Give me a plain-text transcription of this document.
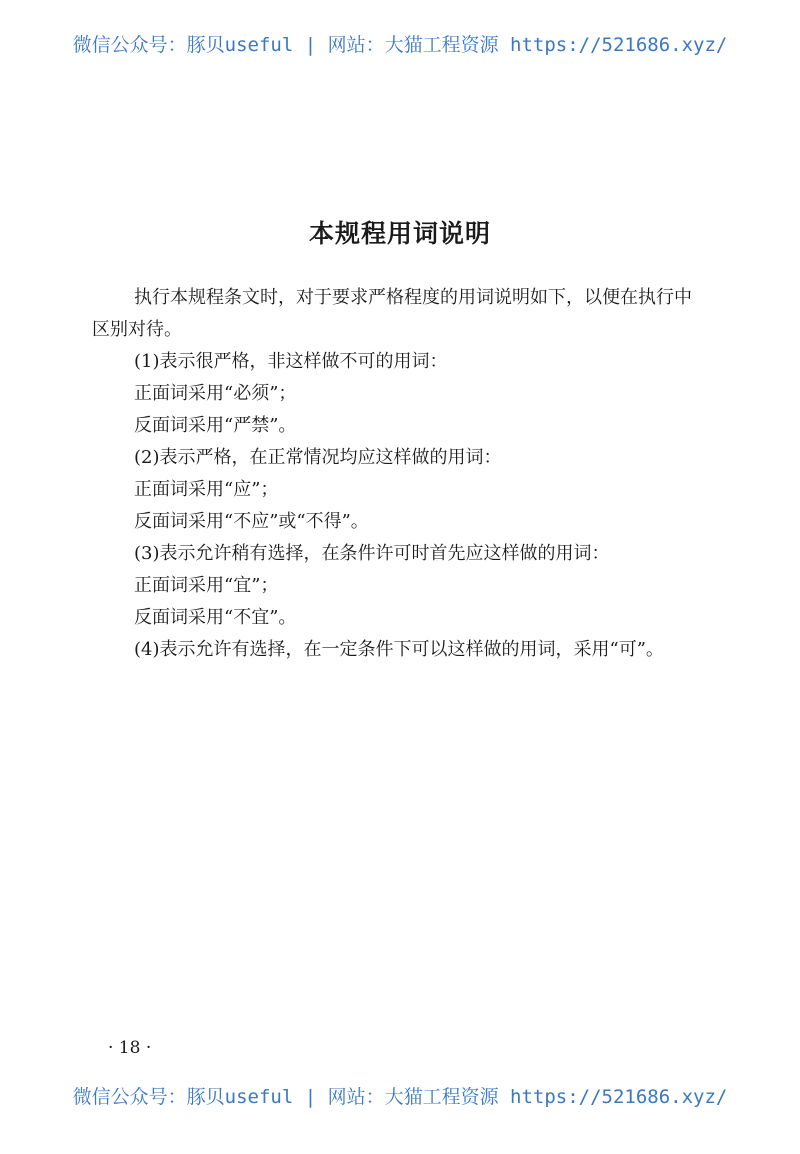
微信公众号：豚贝useful | 网站：大猫工程资源 https://521686.xyz/
本规程用词说明

执行本规程条文时，对于要求严格程度的用词说明如下，以便在执行中区别对待。

(1)表示很严格，非这样做不可的用词：

正面词采用“必须”；

反面词采用“严禁”。

(2)表示严格，在正常情况均应这样做的用词：

正面词采用“应”；

反面词采用“不应”或“不得”。

(3)表示允许稍有选择，在条件许可时首先应这样做的用词：

正面词采用“宜”；

反面词采用“不宜”。

(4)表示允许有选择，在一定条件下可以这样做的用词，采用“可”。

· 18 ·
微信公众号：豚贝useful | 网站：大猫工程资源 https://521686.xyz/
